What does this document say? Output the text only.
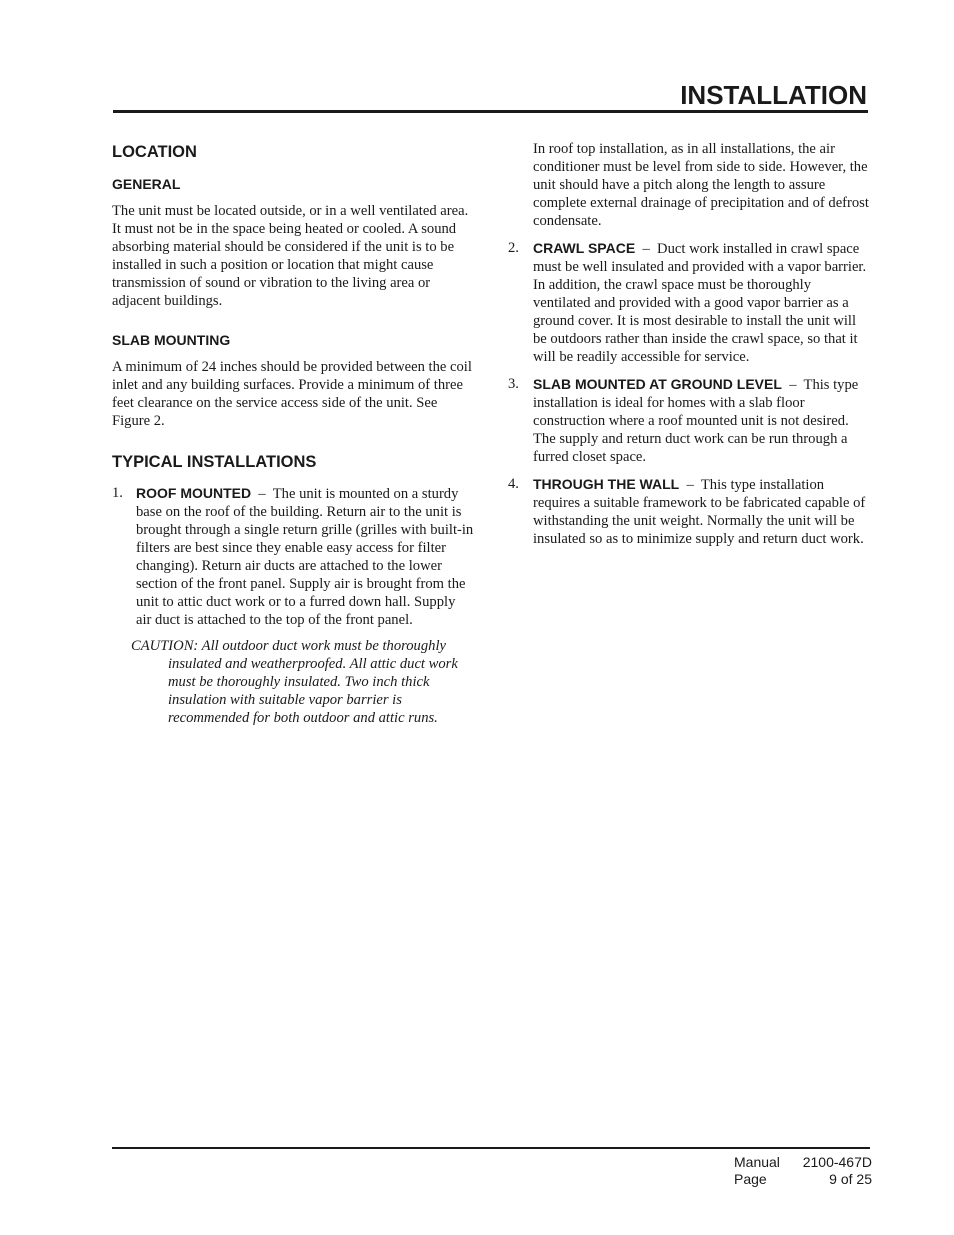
INSTALLATION
LOCATION
GENERAL

The unit must be located outside, or in a well ventilated area. It must not be in the space being heated or cooled. A sound absorbing material should be considered if the unit is to be installed in such a position or location that might cause transmission of sound or vibration to the living area or adjacent buildings.

SLAB MOUNTING

A minimum of 24 inches should be provided between the coil inlet and any building surfaces. Provide a minimum of three feet clearance on the service access side of the unit. See Figure 2.

TYPICAL INSTALLATIONS
1. ROOF MOUNTED  –  The unit is mounted on a sturdy base on the roof of the building. Return air to the unit is brought through a single return grille (grilles with built-in filters are best since they enable easy access for filter changing). Return air ducts are attached to the lower section of the front panel. Supply air is brought from the unit to attic duct work or to a furred down hall. Supply air duct is attached to the top of the front panel.

CAUTION: All outdoor duct work must be thoroughly insulated and weatherproofed. All attic duct work must be thoroughly insulated. Two inch thick insulation with suitable vapor barrier is recommended for both outdoor and attic runs.

In roof top installation, as in all installations, the air conditioner must be level from side to side. However, the unit should have a pitch along the length to assure complete external drainage of precipitation and of defrost condensate.

2. CRAWL SPACE  –  Duct work installed in crawl space must be well insulated and provided with a vapor barrier. In addition, the crawl space must be thoroughly ventilated and provided with a good vapor barrier as a ground cover. It is most desirable to install the unit will be outdoors rather than inside the crawl space, so that it will be readily accessible for service.

3. SLAB MOUNTED AT GROUND LEVEL  –  This type installation is ideal for homes with a slab floor construction where a roof mounted unit is not desired. The supply and return duct work can be run through a furred closet space.

4. THROUGH THE WALL  –  This type installation requires a suitable framework to be fabricated capable of withstanding the unit weight. Normally the unit will be insulated so as to minimize supply and return duct work.

Manual 2100-467D
Page	9 of 25
